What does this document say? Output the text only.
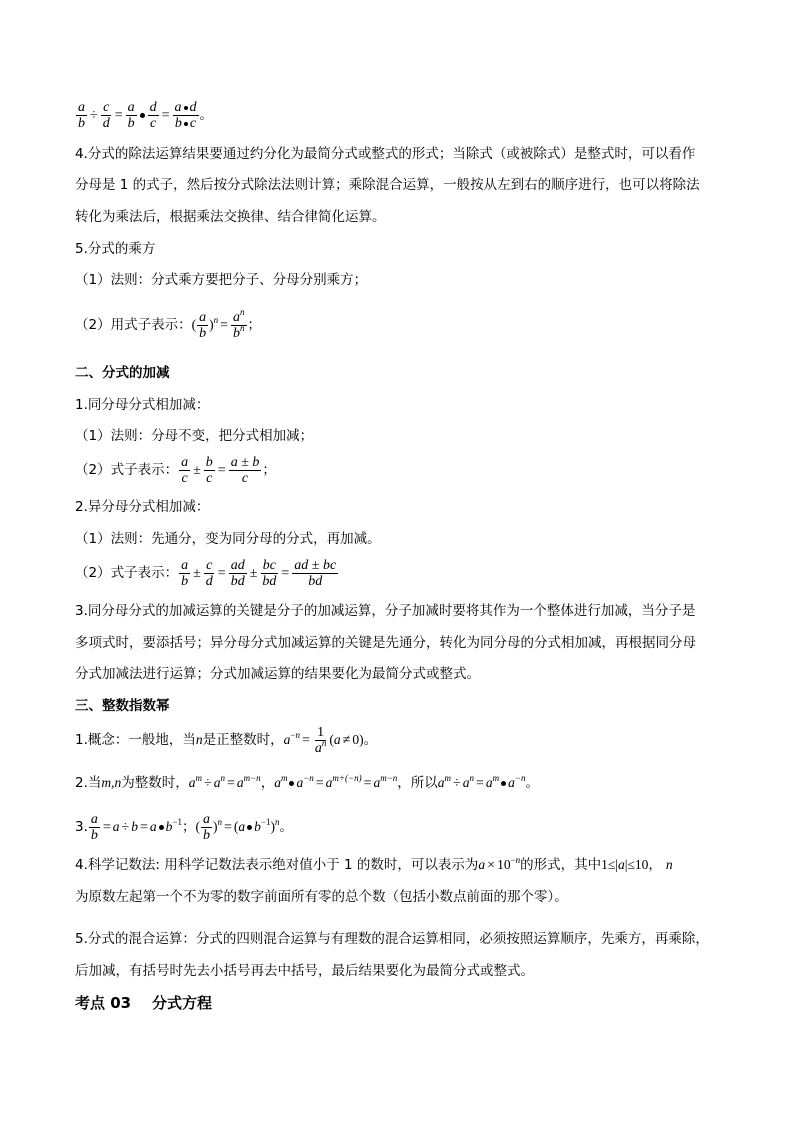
$\frac{a}{b} \div \frac{c}{d} = \frac{a}{b} \frac{d}{c} = \frac{\text{a d}}{\text{b c}}$ 。
4.分式的除法运算结果要通过约分化为最简分式或整式的形式；当除式（或被除式）是整式时，可以看作
分母是 1 的式子，然后按分式除法法则计算；乘除混合运算，一般按从左到右的顺序进行，也可以将除法
转化为乘法后，根据乘法交换律、结合律简化运算。
5.分式的乘方
（1）法则：分式乘方要把分子、分母分别乘方；
（2）用式子表示：( $\frac{a}{b} )^n = \frac{a^n}{b^n}$ ；
二、分式的加减
1.同分母分式相加减：
（1）法则：分母不变，把分式相加减；
（2）式子表示： $\frac{a}{c} \pm \frac{b}{c} = \frac{a \pm b}{c}$ ；
2.异分母分式相加减：
（1）法则：先通分，变为同分母的分式，再加减。
（2）式子表示： $\frac{a}{b} \pm \frac{c}{d} = \frac{ad}{bd} \pm \frac{bc}{bd} = \frac{ad \pm bc}{bd}$
3.同分母分式的加减运算的关键是分子的加减运算，分子加减时要将其作为一个整体进行加减，当分子是
多项式时，要添括号；异分母分式加减运算的关键是先通分，转化为同分母的分式相加减，再根据同分母
分式加减法进行运算；分式加减运算的结果要化为最简分式或整式。
三、整数指数幂
1.概念：一般地，当n是正整数时，$a^{-n} = \frac{1}{a^n} (a \ne 0)$。
2.当m,n为整数时，$a^m \div a^n = a^{m-n}$，$a^m$ $a^{-n} = a^{m+(-n)} = a^{m-n}$，所以$a^m \div a^n = a^m$ $a^{-n}$。
3. $\frac{a}{b} = a \div b = a$ $b^{-1}$；( $\frac{a}{b} )^n = (a$ $b^{-1})^n$。
4.科学记数法: 用科学记数法表示绝对值小于 1 的数时，可以表示为$a \times 10^{-n}$的形式，其中1≤|a|≤10， n
为原数左起第一个不为零的数字前面所有零的总个数（包括小数点前面的那个零）。
5.分式的混合运算：分式的四则混合运算与有理数的混合运算相同，必须按照运算顺序，先乘方，再乘除，
后加减，有括号时先去小括号再去中括号，最后结果要化为最简分式或整式。
考点 03    分式方程
